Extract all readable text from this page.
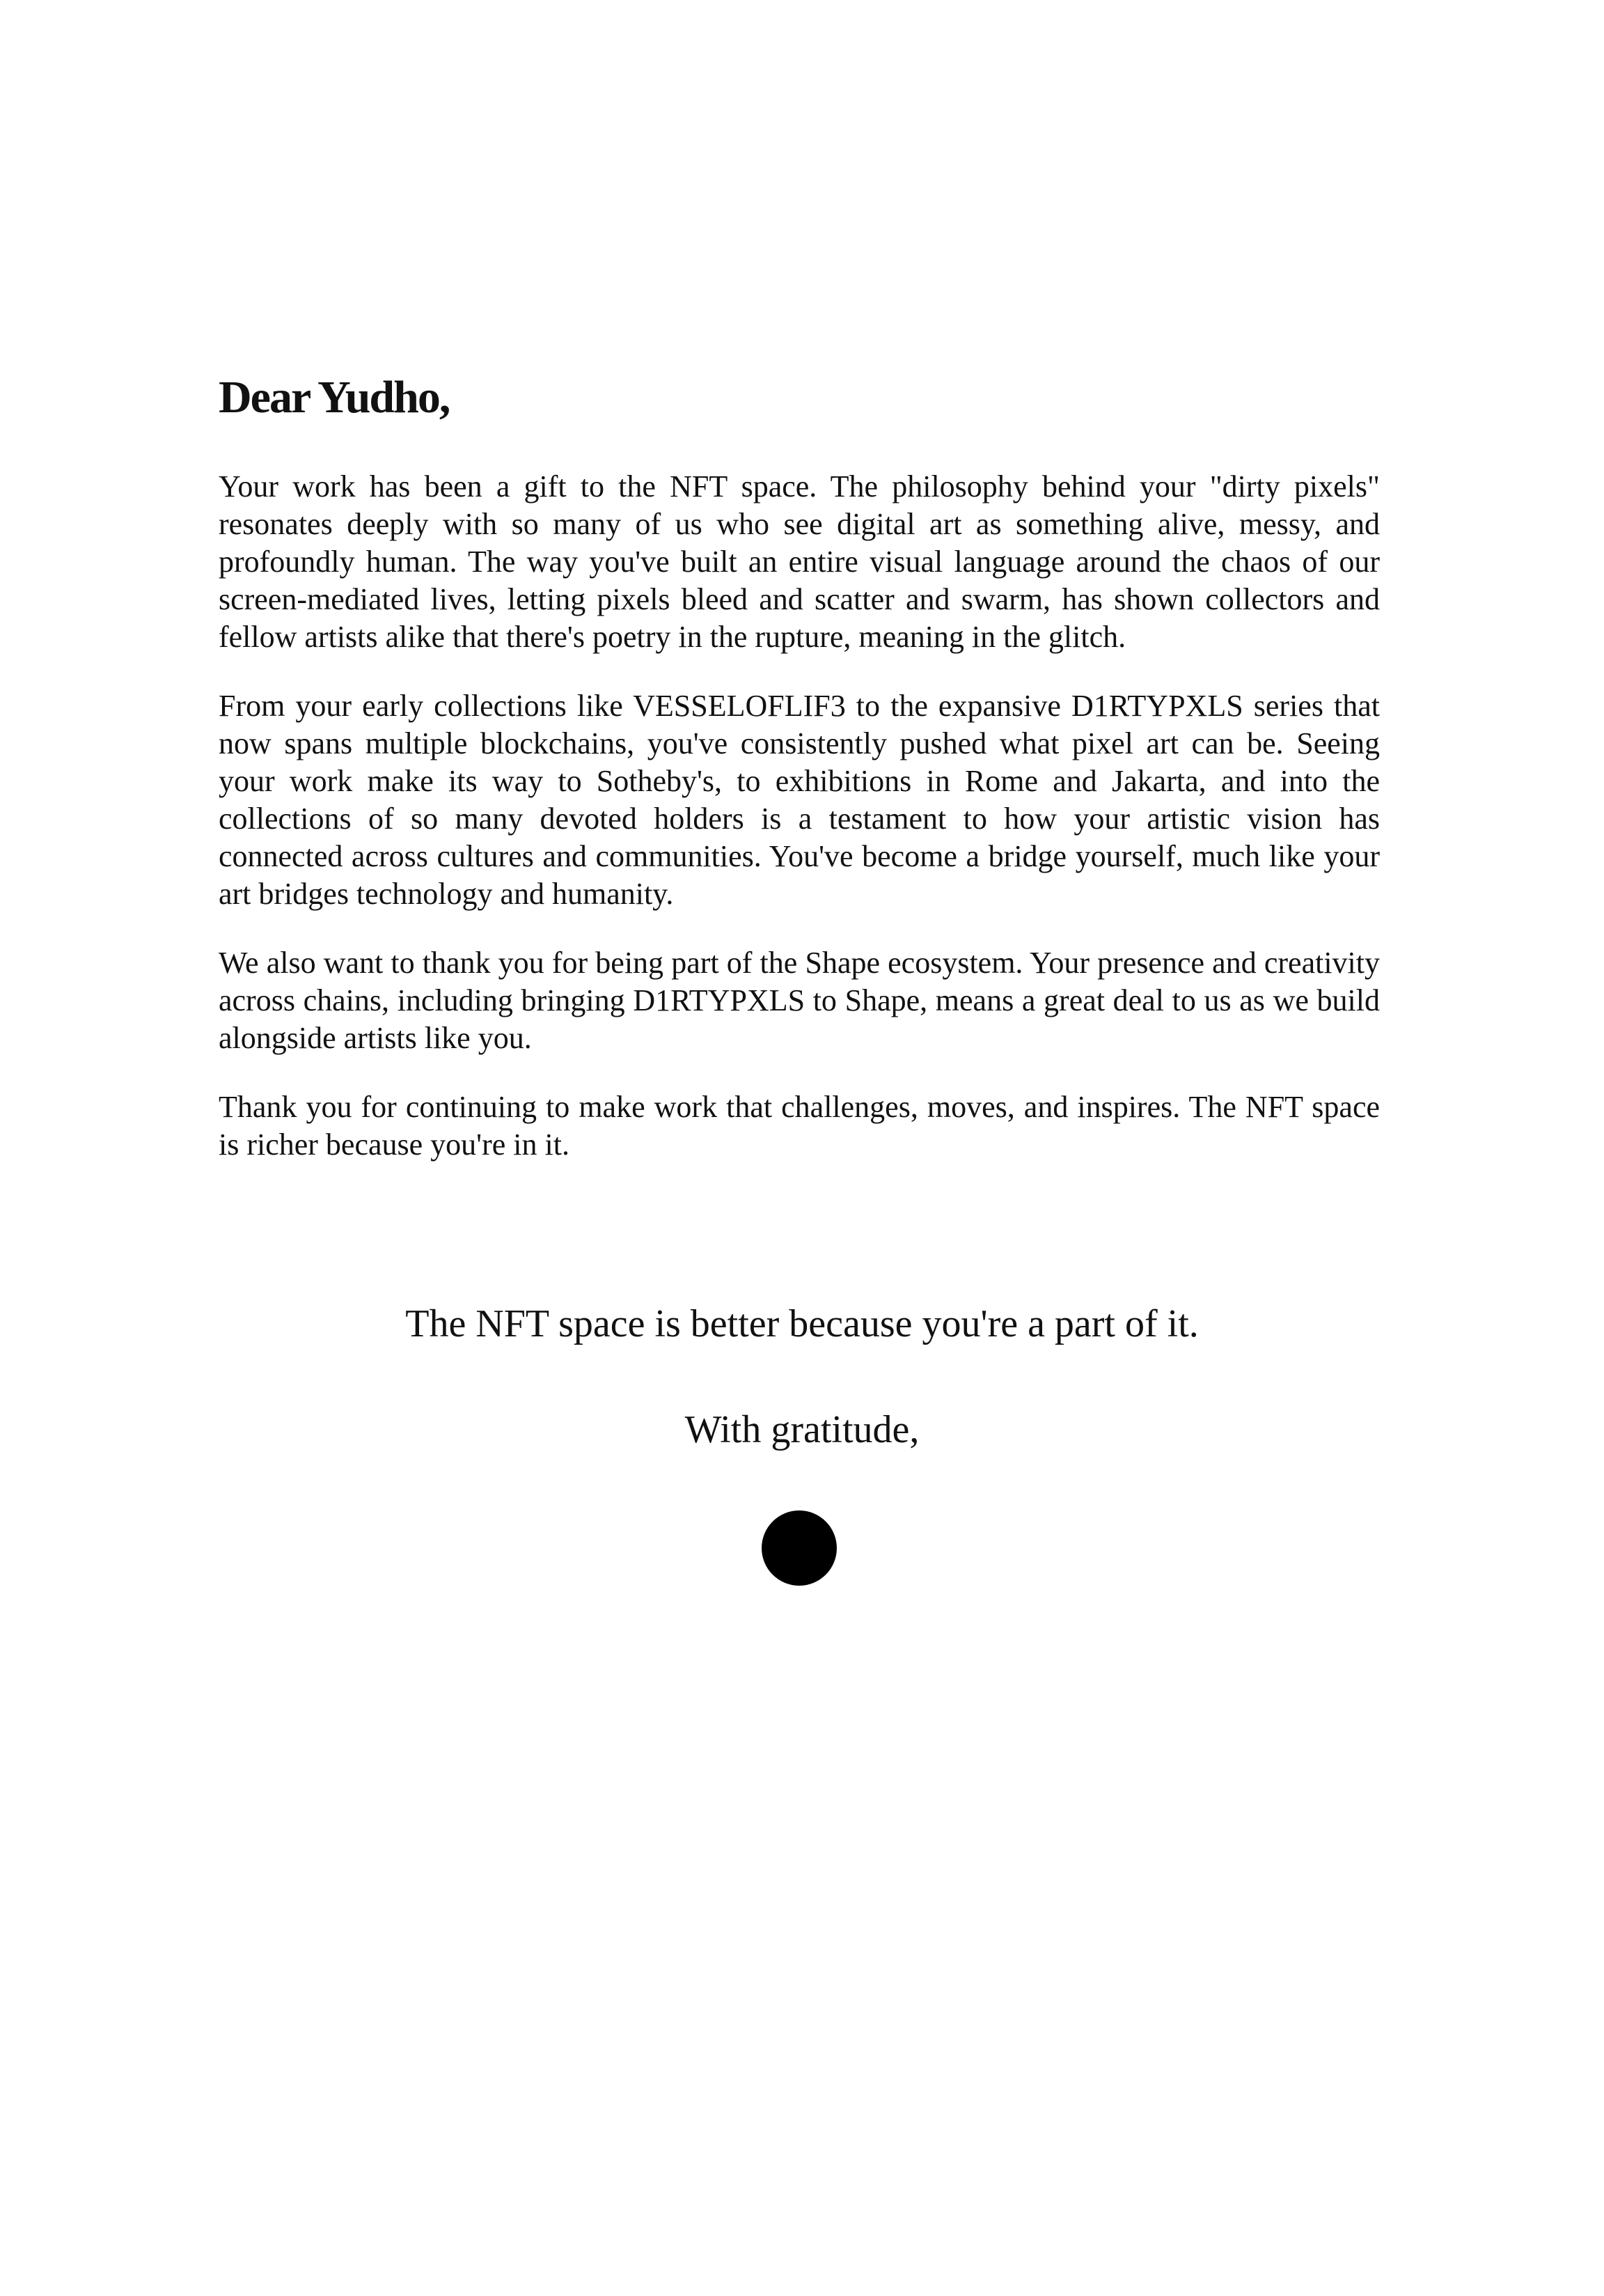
Dear Yudho,

Your work has been a gift to the NFT space. The philosophy behind your "dirty pixels" resonates deeply with so many of us who see digital art as something alive, messy, and profoundly human. The way you've built an entire visual language around the chaos of our screen-mediated lives, letting pixels bleed and scatter and swarm, has shown collectors and fellow artists alike that there's poetry in the rupture, meaning in the glitch.

From your early collections like VESSELOFLIF3 to the expansive D1RTYPXLS series that now spans multiple blockchains, you've consistently pushed what pixel art can be. Seeing your work make its way to Sotheby's, to exhibitions in Rome and Jakarta, and into the collections of so many devoted holders is a testament to how your artistic vision has connected across cultures and communities. You've become a bridge yourself, much like your art bridges technology and humanity.

We also want to thank you for being part of the Shape ecosystem. Your presence and creativity across chains, including bringing D1RTYPXLS to Shape, means a great deal to us as we build alongside artists like you.

Thank you for continuing to make work that challenges, moves, and inspires. The NFT space is richer because you're in it.

The NFT space is better because you're a part of it.

With gratitude,
